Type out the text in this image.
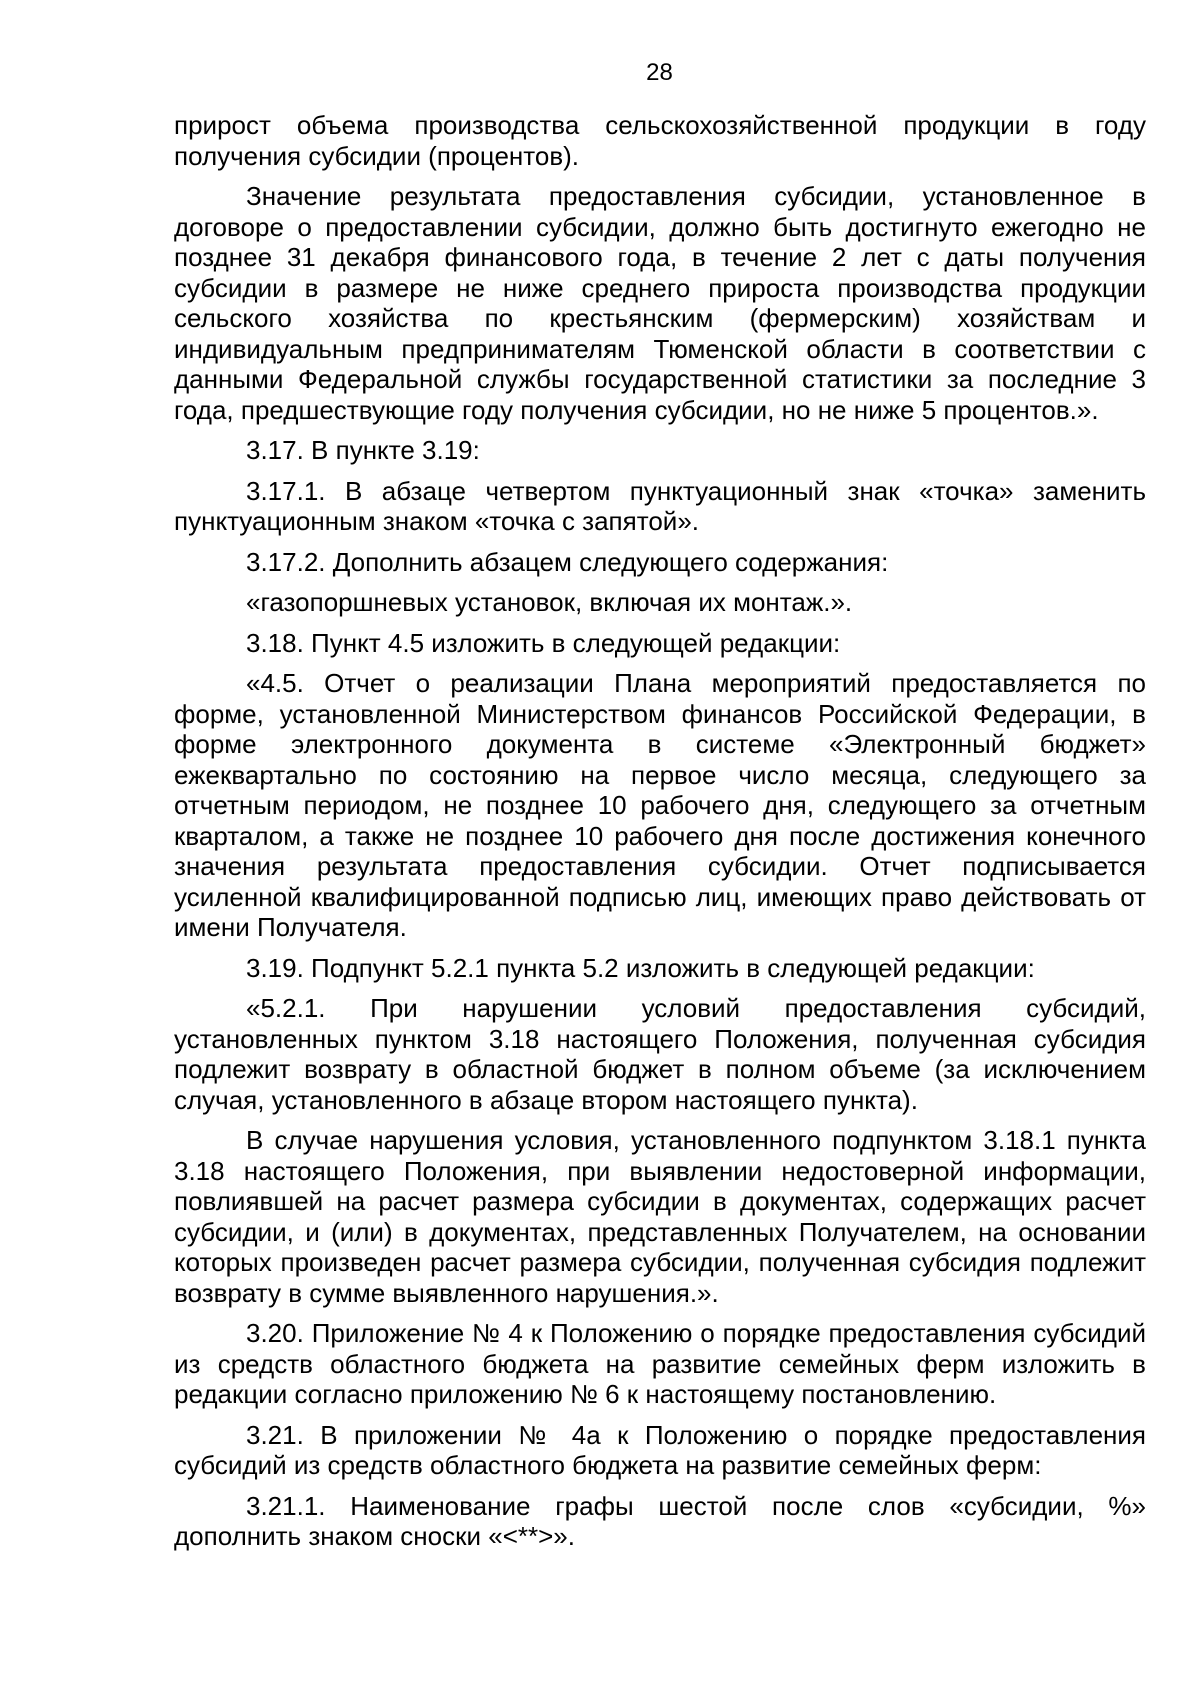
28

прирост объема производства сельскохозяйственной продукции в году получения субсидии (процентов).

Значение результата предоставления субсидии, установленное в договоре о предоставлении субсидии, должно быть достигнуто ежегодно не позднее 31 декабря финансового года, в течение 2 лет с даты получения субсидии в размере не ниже среднего прироста производства продукции сельского хозяйства по крестьянским (фермерским) хозяйствам и индивидуальным предпринимателям Тюменской области в соответствии с данными Федеральной службы государственной статистики за последние 3 года, предшествующие году получения субсидии, но не ниже 5 процентов.».

3.17. В пункте 3.19:

3.17.1. В абзаце четвертом пунктуационный знак «точка» заменить пунктуационным знаком «точка с запятой».

3.17.2. Дополнить абзацем следующего содержания:

«газопоршневых установок, включая их монтаж.».

3.18. Пункт 4.5 изложить в следующей редакции:

«4.5. Отчет о реализации Плана мероприятий предоставляется по форме, установленной Министерством финансов Российской Федерации, в форме электронного документа в системе «Электронный бюджет» ежеквартально по состоянию на первое число месяца, следующего за отчетным периодом, не позднее 10 рабочего дня, следующего за отчетным кварталом, а также не позднее 10 рабочего дня после достижения конечного значения результата предоставления субсидии. Отчет подписывается усиленной квалифицированной подписью лиц, имеющих право действовать от имени Получателя.

3.19. Подпункт 5.2.1 пункта 5.2 изложить в следующей редакции:

«5.2.1. При нарушении условий предоставления субсидий, установленных пунктом 3.18 настоящего Положения, полученная субсидия подлежит возврату в областной бюджет в полном объеме (за исключением случая, установленного в абзаце втором настоящего пункта).

В случае нарушения условия, установленного подпунктом 3.18.1 пункта 3.18 настоящего Положения, при выявлении недостоверной информации, повлиявшей на расчет размера субсидии в документах, содержащих расчет субсидии, и (или) в документах, представленных Получателем, на основании которых произведен расчет размера субсидии, полученная субсидия подлежит возврату в сумме выявленного нарушения.».

3.20. Приложение № 4 к Положению о порядке предоставления субсидий из средств областного бюджета на развитие семейных ферм изложить в редакции согласно приложению № 6 к настоящему постановлению.

3.21. В приложении № 4а к Положению о порядке предоставления субсидий из средств областного бюджета на развитие семейных ферм:

3.21.1. Наименование графы шестой после слов «субсидии, %» дополнить знаком сноски «<**>».
